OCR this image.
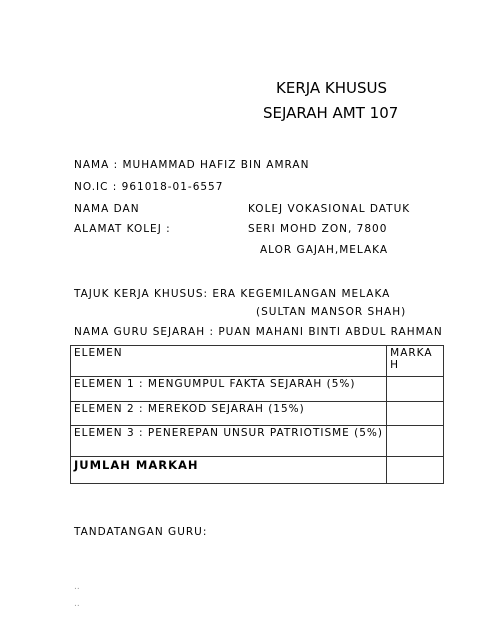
KERJA KHUSUS
SEJARAH AMT 107
NAMA : MUHAMMAD HAFIZ BIN AMRAN
NO.IC : 961018-01-6557
NAMA DAN
ALAMAT KOLEJ :
KOLEJ VOKASIONAL DATUK
SERI MOHD ZON, 7800
ALOR GAJAH,MELAKA
TAJUK KERJA KHUSUS: ERA KEGEMILANGAN MELAKA
(SULTAN MANSOR SHAH)
NAMA GURU SEJARAH : PUAN MAHANI BINTI ABDUL RAHMAN
ELEMEN	MARKAH
ELEMEN 1 : MENGUMPUL FAKTA SEJARAH (5%)	
ELEMEN 2 : MEREKOD SEJARAH (15%)	
ELEMEN 3 : PENEREPAN UNSUR PATRIOTISME (5%)	
JUMLAH MARKAH	
TANDATANGAN GURU:
..
..
